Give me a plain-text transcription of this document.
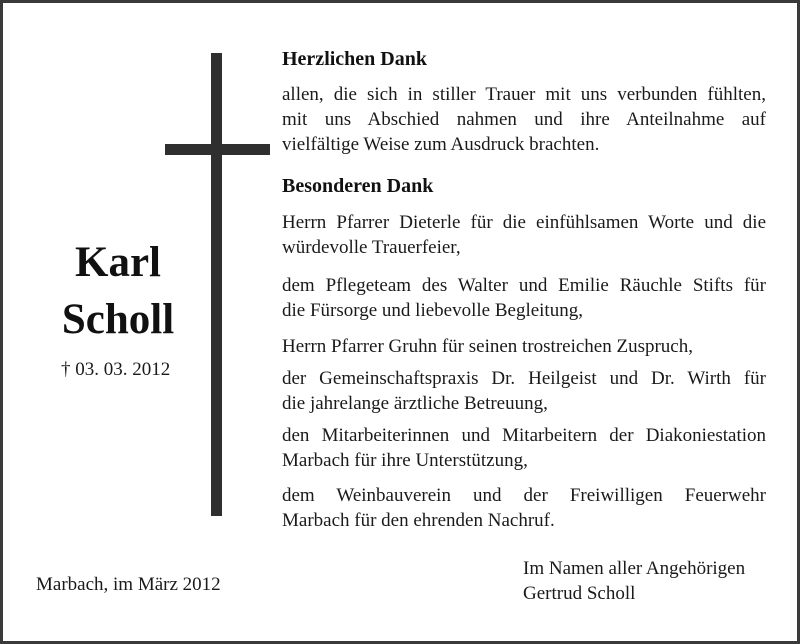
Karl
Scholl
† 03. 03. 2012
Herzlichen Dank
allen, die sich in stiller Trauer mit uns verbunden fühlten,
mit uns Abschied nahmen und ihre Anteilnahme auf
vielfältige Weise zum Ausdruck brachten.
Besonderen Dank
Herrn Pfarrer Dieterle für die einfühlsamen Worte und die
würdevolle Trauerfeier,
dem Pflegeteam des Walter und Emilie Räuchle Stifts für
die Fürsorge und liebevolle Begleitung,
Herrn Pfarrer Gruhn für seinen trostreichen Zuspruch,
der Gemeinschaftspraxis Dr. Heilgeist und Dr. Wirth für
die jahrelange ärztliche Betreuung,
den Mitarbeiterinnen und Mitarbeitern der Diakoniestation
Marbach für ihre Unterstützung,
dem Weinbauverein und der Freiwilligen Feuerwehr
Marbach für den ehrenden Nachruf.
Marbach, im März 2012
Im Namen aller Angehörigen
Gertrud Scholl
